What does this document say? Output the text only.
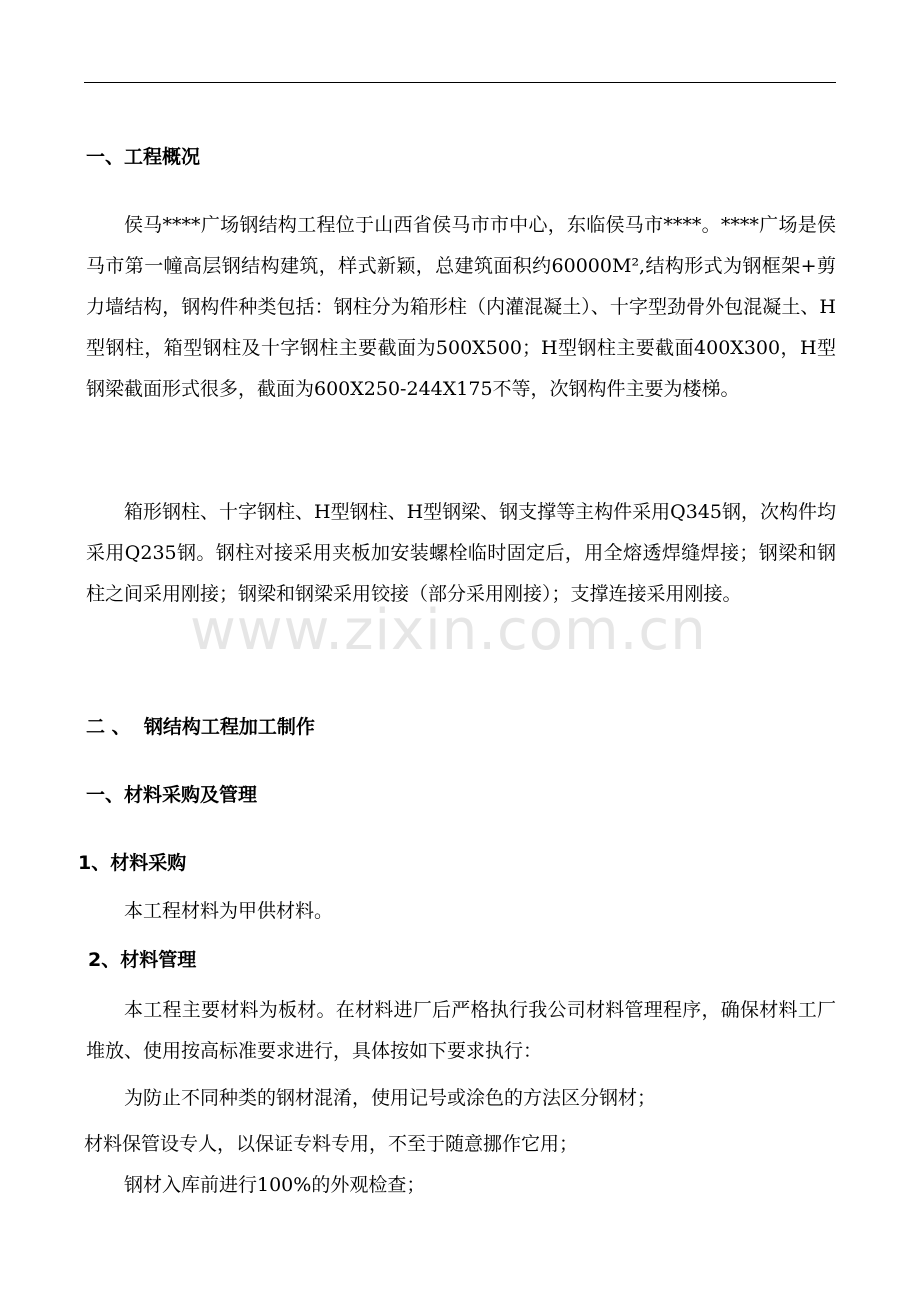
www.zixin.com.cn
一、工程概况

侯马****广场钢结构工程位于山西省侯马市市中心，东临侯马市****。****广场是侯马市第一幢高层钢结构建筑，样式新颖，总建筑面积约60000M²,结构形式为钢框架+剪力墙结构，钢构件种类包括：钢柱分为箱形柱（内灌混凝土）、十字型劲骨外包混凝土、H型钢柱，箱型钢柱及十字钢柱主要截面为500X500；H型钢柱主要截面400X300，H型钢梁截面形式很多，截面为600X250-244X175不等，次钢构件主要为楼梯。

箱形钢柱、十字钢柱、H型钢柱、H型钢梁、钢支撑等主构件采用Q345钢，次构件均采用Q235钢。钢柱对接采用夹板加安装螺栓临时固定后，用全熔透焊缝焊接；钢梁和钢柱之间采用刚接；钢梁和钢梁采用铰接（部分采用刚接）；支撑连接采用刚接。

二 、  钢结构工程加工制作
一、材料采购及管理
1、材料采购

本工程材料为甲供材料。

2、材料管理

本工程主要材料为板材。在材料进厂后严格执行我公司材料管理程序，确保材料工厂堆放、使用按高标准要求进行，具体按如下要求执行：

为防止不同种类的钢材混淆，使用记号或涂色的方法区分钢材；

材料保管设专人，以保证专料专用，不至于随意挪作它用；

钢材入库前进行100%的外观检查；
